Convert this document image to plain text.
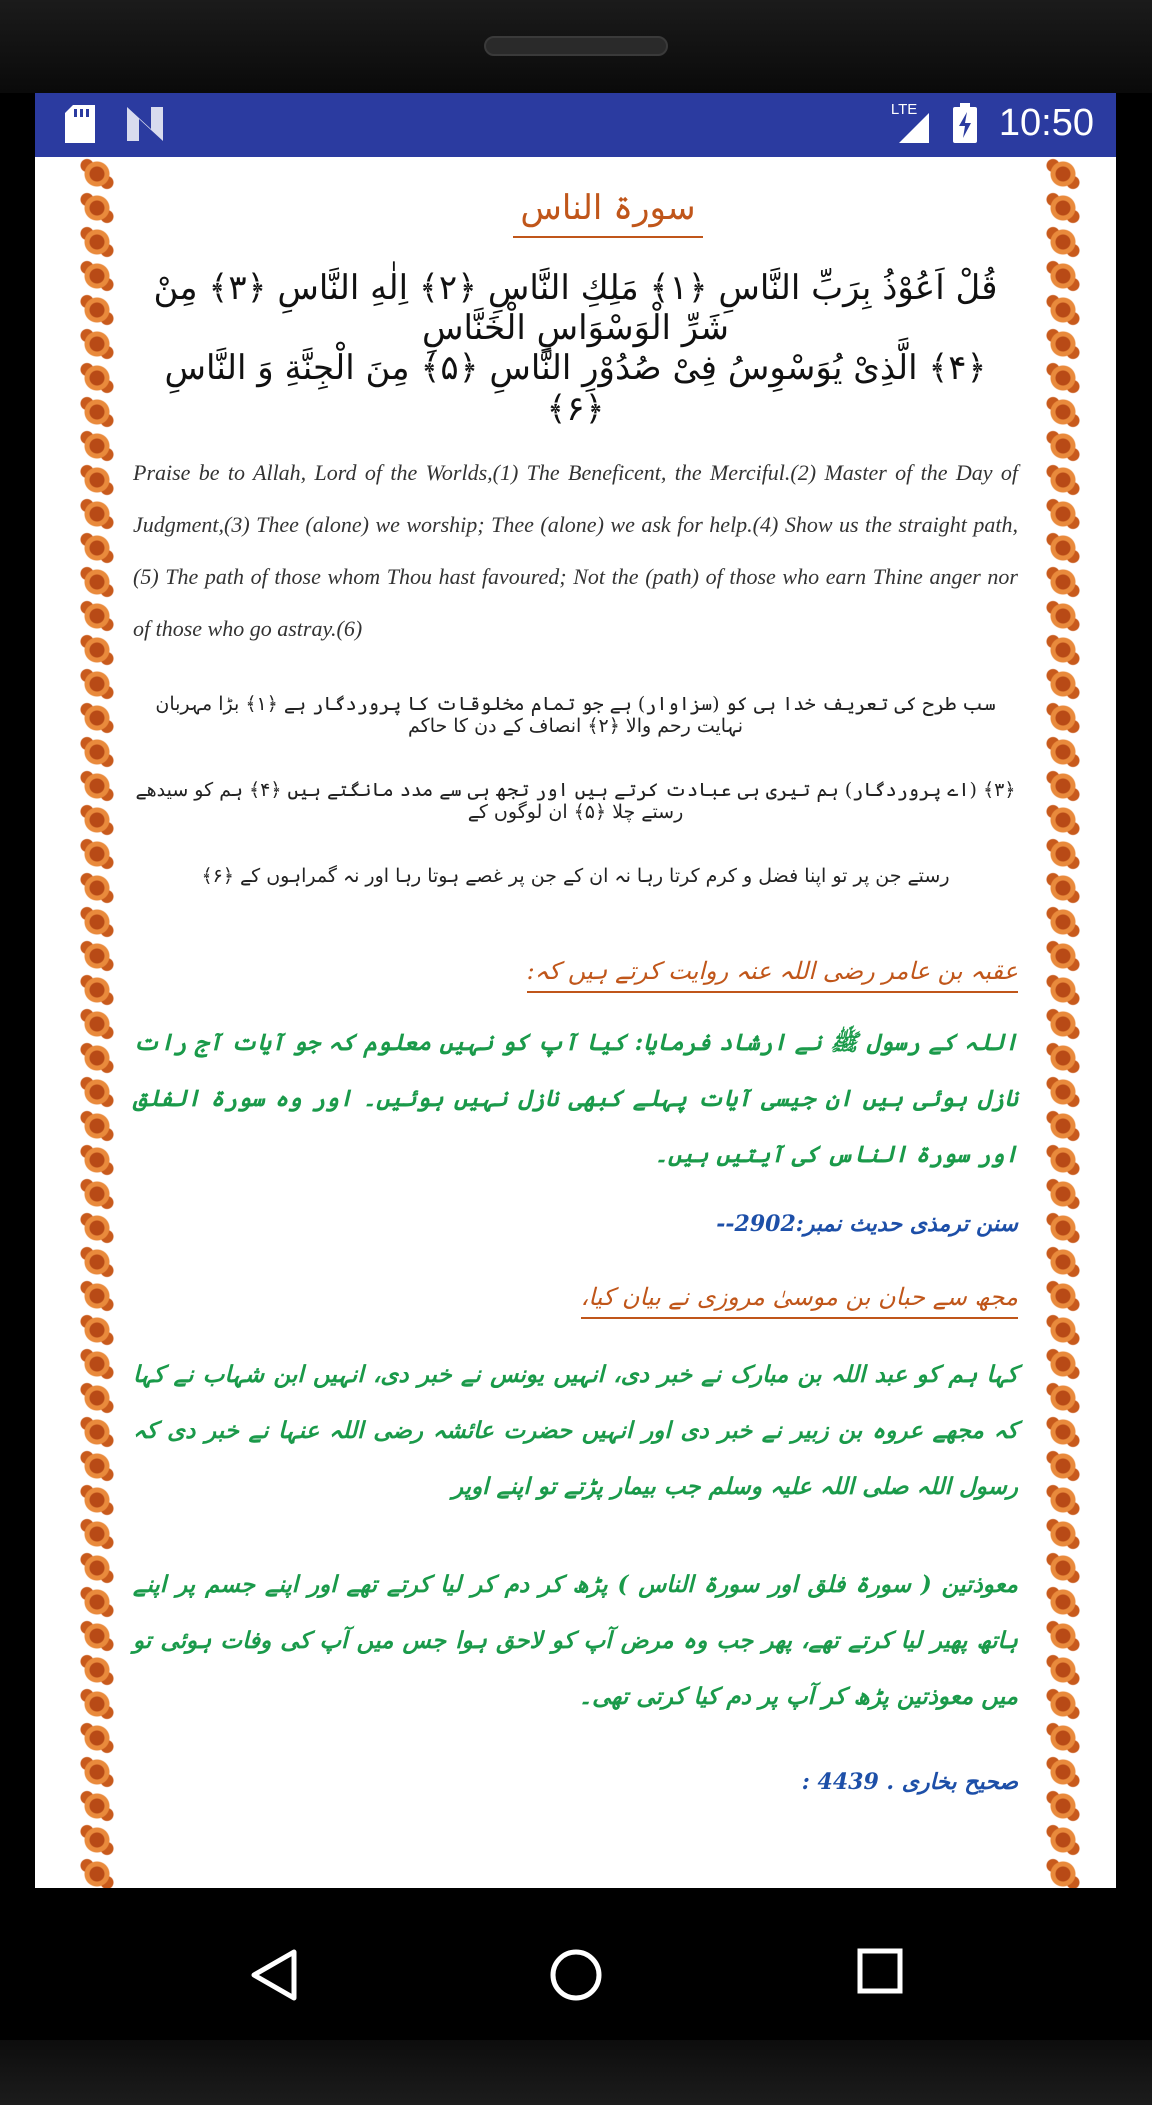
LTE 10:50
سورۃ الناس
قُلْ اَعُوْذُ بِرَبِّ النَّاسِ ﴿۱﴾ مَلِكِ النَّاسِ ﴿۲﴾ اِلٰهِ النَّاسِ ﴿۳﴾ مِنْ شَرِّ الْوَسْوَاسِ الْخَنَّاسِ
﴿۴﴾ الَّذِیْ یُوَسْوِسُ فِیْ صُدُوْرِ النَّاسِ ﴿۵﴾ مِنَ الْجِنَّةِ وَ النَّاسِ ﴿۶﴾
Praise be to Allah, Lord of the Worlds,(1) The Beneficent, the Merciful.(2) Master of the Day of Judgment,(3) Thee (alone) we worship; Thee (alone) we ask for help.(4) Show us the straight path,(5) The path of those whom Thou hast favoured; Not the (path) of those who earn Thine anger nor of those who go astray.(6)
سب طرح کی تعریف خدا ہی کو (سزاوار) ہے جو تمام مخلوقات کا پروردگار ہے ﴿۱﴾ بڑا مہربان نہایت رحم والا ﴿۲﴾ انصاف کے دن کا حاکم
﴿۳﴾ (اے پروردگار) ہم تیری ہی عبادت کرتے ہیں اور تجھ ہی سے مدد مانگتے ہیں ﴿۴﴾ ہم کو سیدھے رستے چلا ﴿۵﴾ ان لوگوں کے
رستے جن پر تو اپنا فضل و کرم کرتا رہا نہ ان کے جن پر غصے ہوتا رہا اور نہ گمراہوں کے ﴿۶﴾
عقبہ بن عامر رضی اللہ عنہ روایت کرتے ہیں کہ:
اللہ کے رسول ﷺ نے ارشاد فرمایا: کیا آپ کو نہیں معلوم کہ جو آیات آج رات نازل ہوئی ہیں ان جیسی آیات پہلے کبھی نازل نہیں ہوئیں۔ اور وہ سورۃ الفلق اور سورۃ الناس کی آیتیں ہیں۔
سنن ترمذی حدیث نمبر:2902--
مجھ سے حبان بن موسیٰ مروزی نے بیان کیا،
کہا ہم کو عبد اللہ بن مبارک نے خبر دی، انہیں یونس نے خبر دی، انہیں ابن شہاب نے کہا کہ مجھے عروہ بن زبیر نے خبر دی اور انہیں حضرت عائشہ رضی اللہ عنہا نے خبر دی کہ رسول اللہ صلی اللہ علیہ وسلم جب بیمار پڑتے تو اپنے اوپر
معوذتین ( سورۃ فلق اور سورۃ الناس ) پڑھ کر دم کر لیا کرتے تھے اور اپنے جسم پر اپنے ہاتھ پھیر لیا کرتے تھے، پھر جب وہ مرض آپ کو لاحق ہوا جس میں آپ کی وفات ہوئی تو میں معوذتین پڑھ کر آپ پر دم کیا کرتی تھی۔
صحیح بخاری . 4439 :
